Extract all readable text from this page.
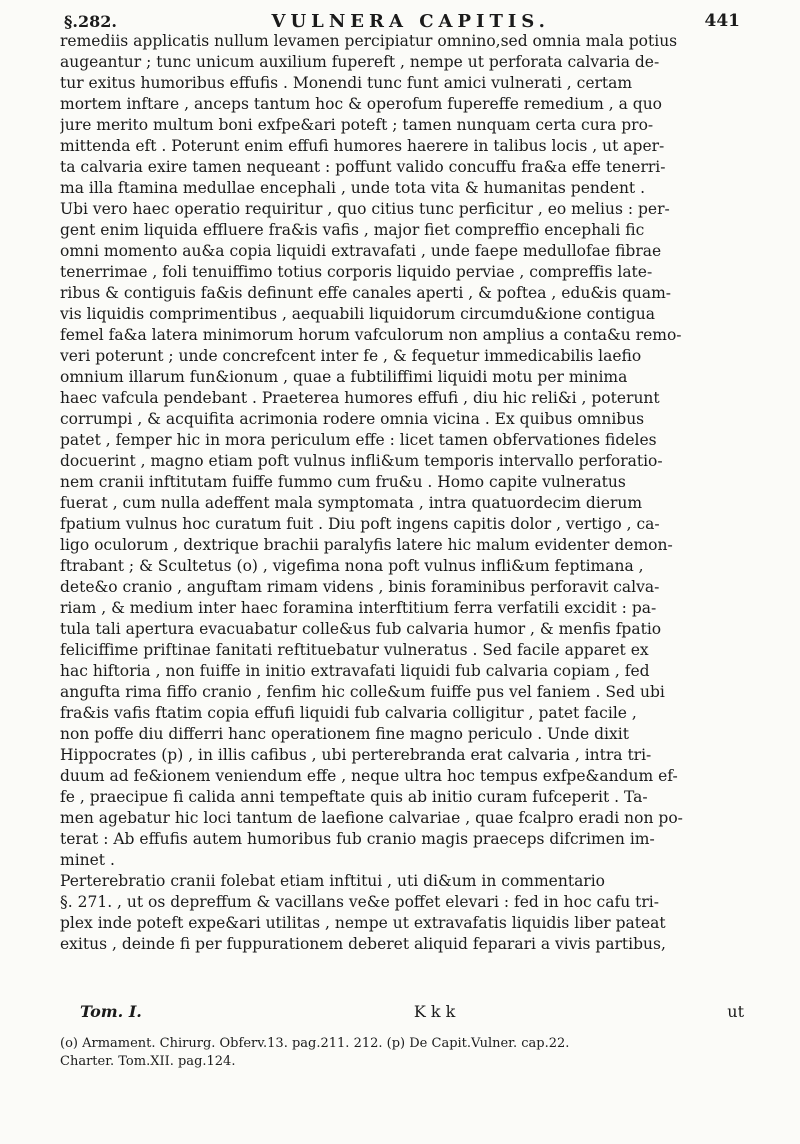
§.282.	VULNERA CAPITIS.	441
remediis applicatis nullum levamen percipiatur omnino,sed omnia mala potius
augeantur ; tunc unicum auxilium fupereft , nempe ut perforata calvaria de-
tur exitus humoribus effufis . Monendi tunc funt amici vulnerati , certam
mortem inftare , anceps tantum hoc & operofum fupereffe remedium , a quo
jure merito multum boni exfpe&ari poteft ; tamen nunquam certa cura pro-
mittenda eft . Poterunt enim effufi humores haerere in talibus locis , ut aper-
ta calvaria exire tamen nequeant : poffunt valido concuffu fra&a effe tenerri-
ma illa ftamina medullae encephali , unde tota vita & humanitas pendent .
Ubi vero haec operatio requiritur , quo citius tunc perficitur , eo melius : per-
gent enim liquida effluere fra&is vafis , major fiet compreffio encephali fic
omni momento au&a copia liquidi extravafati , unde faepe medullofae fibrae
tenerrimae , foli tenuiffimo totius corporis liquido perviae , compreffis late-
ribus & contiguis fa&is definunt effe canales aperti , & poftea , edu&is quam-
vis liquidis comprimentibus , aequabili liquidorum circumdu&ione contigua
femel fa&a latera minimorum horum vafculorum non amplius a conta&u remo-
veri poterunt ; unde concrefcent inter fe , & fequetur immedicabilis laefio
omnium illarum fun&ionum , quae a fubtiliffimi liquidi motu per minima
haec vafcula pendebant . Praeterea humores effufi , diu hic reli&i , poterunt
corrumpi , & acquifita acrimonia rodere omnia vicina . Ex quibus omnibus
patet , femper hic in mora periculum effe : licet tamen obfervationes fideles
docuerint , magno etiam poft vulnus infli&um temporis intervallo perforatio-
nem cranii inftitutam fuiffe fummo cum fru&u . Homo capite vulneratus
fuerat , cum nulla adeffent mala symptomata , intra quatuordecim dierum
fpatium vulnus hoc curatum fuit . Diu poft ingens capitis dolor , vertigo , ca-
ligo oculorum , dextrique brachii paralyfis latere hic malum evidenter demon-
ftrabant ; & Scultetus (o) , vigefima nona poft vulnus infli&um feptimana ,
dete&o cranio , anguftam rimam videns , binis foraminibus perforavit calva-
riam , & medium inter haec foramina interftitium ferra verfatili excidit : pa-
tula tali apertura evacuabatur colle&us fub calvaria humor , & menfis fpatio
feliciffime priftinae fanitati reftituebatur vulneratus . Sed facile apparet ex
hac hiftoria , non fuiffe in initio extravafati liquidi fub calvaria copiam , fed
angufta rima fiffo cranio , fenfim hic colle&um fuiffe pus vel faniem . Sed ubi
fra&is vafis ftatim copia effufi liquidi fub calvaria colligitur , patet facile ,
non poffe diu differri hanc operationem fine magno periculo . Unde dixit
Hippocrates (p) , in illis cafibus , ubi perterebranda erat calvaria , intra tri-
duum ad fe&ionem veniendum effe , neque ultra hoc tempus exfpe&andum ef-
fe , praecipue fi calida anni tempeftate quis ab initio curam fufceperit . Ta-
men agebatur hic loci tantum de laefione calvariae , quae fcalpro eradi non po-
terat : Ab effufis autem humoribus fub cranio magis praeceps difcrimen im-
minet .
Perterebratio cranii folebat etiam inftitui , uti di&um in commentario
§. 271. , ut os depreffum & vacillans ve&e poffet elevari : fed in hoc cafu tri-
plex inde poteft expe&ari utilitas , nempe ut extravafatis liquidis liber pateat
exitus , deinde fi per fuppurationem deberet aliquid feparari a vivis partibus,
Tom. I.	K k k	ut
(o) Armament. Chirurg. Obferv.13. pag.211. 212. (p) De Capit.Vulner. cap.22.
Charter. Tom.XII. pag.124.
